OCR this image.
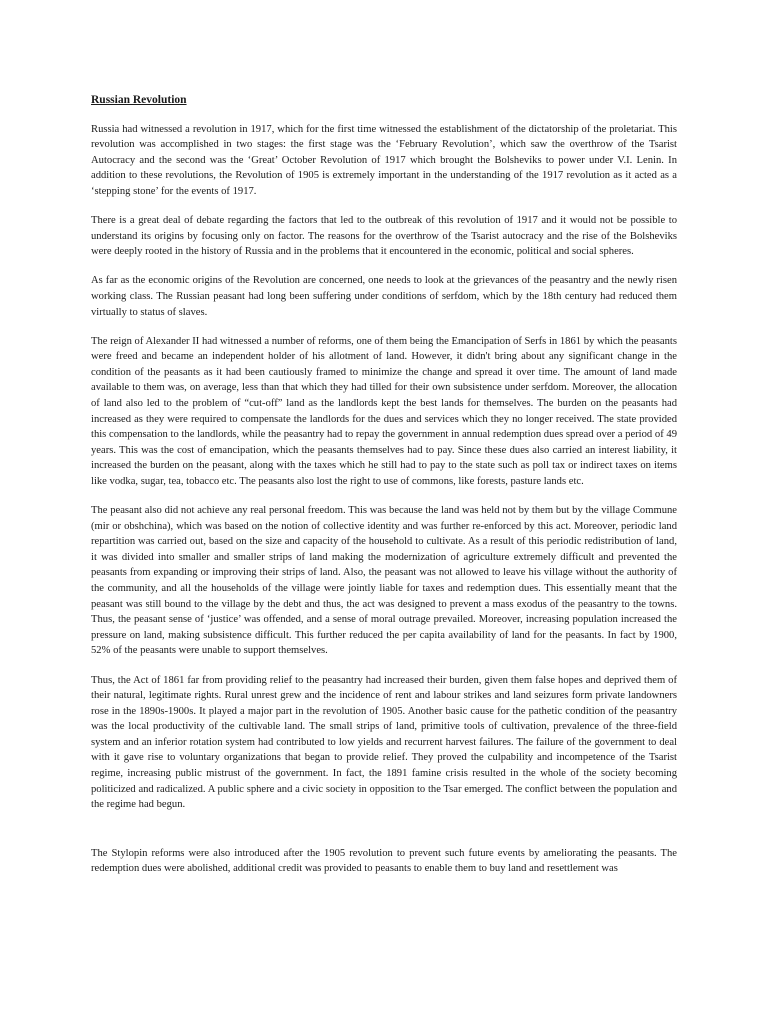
Russian Revolution

Russia had witnessed a revolution in 1917, which for the first time witnessed the establishment of the dictatorship of the proletariat. This revolution was accomplished in two stages: the first stage was the ‘February Revolution’, which saw the overthrow of the Tsarist Autocracy and the second was the ‘Great’ October Revolution of 1917 which brought the Bolsheviks to power under V.I. Lenin. In addition to these revolutions, the Revolution of 1905 is extremely important in the understanding of the 1917 revolution as it acted as a ‘stepping stone’ for the events of 1917.

There is a great deal of debate regarding the factors that led to the outbreak of this revolution of 1917 and it would not be possible to understand its origins by focusing only on factor. The reasons for the overthrow of the Tsarist autocracy and the rise of the Bolsheviks were deeply rooted in the history of Russia and in the problems that it encountered in the economic, political and social spheres.

As far as the economic origins of the Revolution are concerned, one needs to look at the grievances of the peasantry and the newly risen working class. The Russian peasant had long been suffering under conditions of serfdom, which by the 18th century had reduced them virtually to status of slaves.

The reign of Alexander II had witnessed a number of reforms, one of them being the Emancipation of Serfs in 1861 by which the peasants were freed and became an independent holder of his allotment of land. However, it didn't bring about any significant change in the condition of the peasants as it had been cautiously framed to minimize the change and spread it over time. The amount of land made available to them was, on average, less than that which they had tilled for their own subsistence under serfdom. Moreover, the allocation of land also led to the problem of “cut-off” land as the landlords kept the best lands for themselves. The burden on the peasants had increased as they were required to compensate the landlords for the dues and services which they no longer received. The state provided this compensation to the landlords, while the peasantry had to repay the government in annual redemption dues spread over a period of 49 years. This was the cost of emancipation, which the peasants themselves had to pay. Since these dues also carried an interest liability, it increased the burden on the peasant, along with the taxes which he still had to pay to the state such as poll tax or indirect taxes on items like vodka, sugar, tea, tobacco etc. The peasants also lost the right to use of commons, like forests, pasture lands etc.

The peasant also did not achieve any real personal freedom. This was because the land was held not by them but by the village Commune (mir or obshchina), which was based on the notion of collective identity and was further re-enforced by this act. Moreover, periodic land repartition was carried out, based on the size and capacity of the household to cultivate. As a result of this periodic redistribution of land, it was divided into smaller and smaller strips of land making the modernization of agriculture extremely difficult and prevented the peasants from expanding or improving their strips of land. Also, the peasant was not allowed to leave his village without the authority of the community, and all the households of the village were jointly liable for taxes and redemption dues. This essentially meant that the peasant was still bound to the village by the debt and thus, the act was designed to prevent a mass exodus of the peasantry to the towns. Thus, the peasant sense of ‘justice’ was offended, and a sense of moral outrage prevailed. Moreover, increasing population increased the pressure on land, making subsistence difficult. This further reduced the per capita availability of land for the peasants. In fact by 1900, 52% of the peasants were unable to support themselves.

Thus, the Act of 1861 far from providing relief to the peasantry had increased their burden, given them false hopes and deprived them of their natural, legitimate rights. Rural unrest grew and the incidence of rent and labour strikes and land seizures form private landowners rose in the 1890s-1900s. It played a major part in the revolution of 1905. Another basic cause for the pathetic condition of the peasantry was the local productivity of the cultivable land. The small strips of land, primitive tools of cultivation, prevalence of the three-field system and an inferior rotation system had contributed to low yields and recurrent harvest failures. The failure of the government to deal with it gave rise to voluntary organizations that began to provide relief. They proved the culpability and incompetence of the Tsarist regime, increasing public mistrust of the government. In fact, the 1891 famine crisis resulted in the whole of the society becoming politicized and radicalized. A public sphere and a civic society in opposition to the Tsar emerged. The conflict between the population and the regime had begun.

The Stylopin reforms were also introduced after the 1905 revolution to prevent such future events by ameliorating the peasants. The redemption dues were abolished, additional credit was provided to peasants to enable them to buy land and resettlement was
